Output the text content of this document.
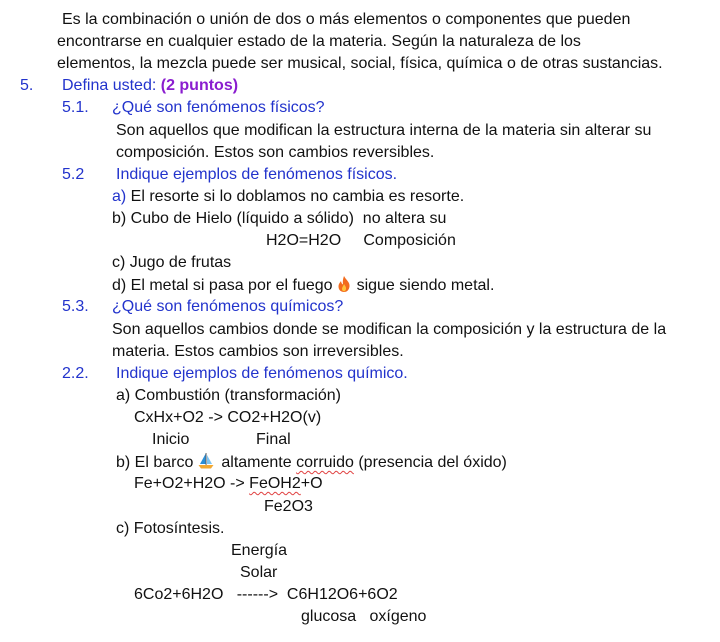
Es la combinación o unión de dos o más elementos o componentes que pueden
encontrarse en cualquier estado de la materia. Según la naturaleza de los
elementos, la mezcla puede ser musical, social, física, química o de otras sustancias.
5. Defina usted: (2 puntos)
5.1. ¿Qué son fenómenos físicos?
Son aquellos que modifican la estructura interna de la materia sin alterar su
composición. Estos son cambios reversibles.
5.2 Indique ejemplos de fenómenos físicos.
a) El resorte si lo doblamos no cambia es resorte.
b) Cubo de Hielo (líquido a sólido)  no altera su
H2O=H2O     Composición
c) Jugo de frutas
d) El metal si pasa por el fuego sigue siendo metal.
5.3. ¿Qué son fenómenos químicos?
Son aquellos cambios donde se modifican la composición y la estructura de la
materia. Estos cambios son irreversibles.
2.2. Indique ejemplos de fenómenos químico.
a) Combustión (transformación)
CxHx+O2 -> CO2+H2O(v)
Inicio	Final
b) El barco altamente corruido (presencia del óxido)
Fe+O2+H2O -> FeOH2+O
Fe2O3
c) Fotosíntesis.
Energía
Solar
6Co2+6H2O   ------>  C6H12O6+6O2
glucosa   oxígeno
